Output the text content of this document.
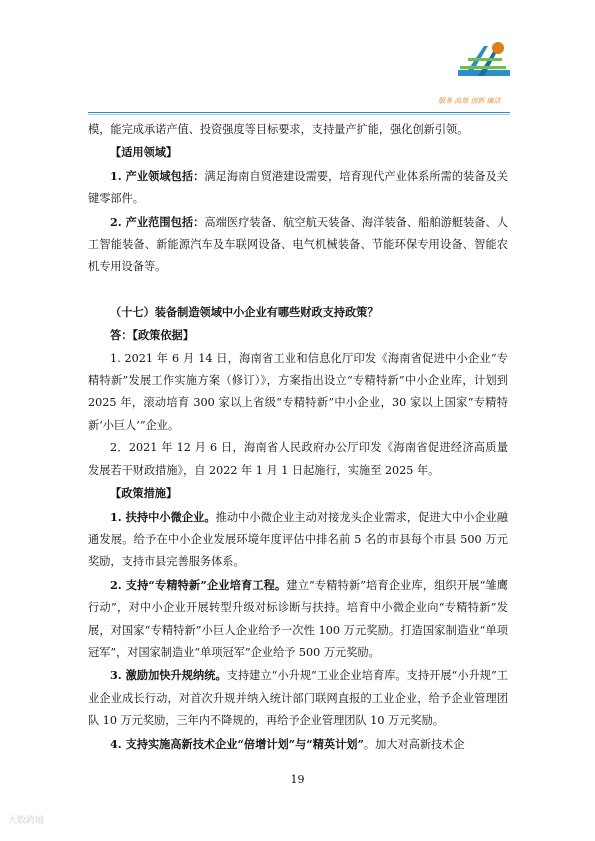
服务 高效 创新 廉洁

模，能完成承诺产值、投资强度等目标要求，支持量产扩能，强化创新引领。

【适用领域】

1. 产业领域包括：满足海南自贸港建设需要，培育现代产业体系所需的装备及关键零部件。

2. 产业范围包括：高端医疗装备、航空航天装备、海洋装备、船舶游艇装备、人工智能装备、新能源汽车及车联网设备、电气机械装备、节能环保专用设备、智能农机专用设备等。

（十七）装备制造领域中小企业有哪些财政支持政策？

答：【政策依据】

1. 2021 年 6 月 14 日，海南省工业和信息化厅印发《海南省促进中小企业“专精特新”发展工作实施方案（修订）》，方案指出设立“专精特新”中小企业库，计划到 2025 年，滚动培育 300 家以上省级“专精特新”中小企业，30 家以上国家“专精特新‘小巨人’”企业。

2．2021 年 12 月 6 日，海南省人民政府办公厅印发《海南省促进经济高质量发展若干财政措施》，自 2022 年 1 月 1 日起施行，实施至 2025 年。

【政策措施】

1. 扶持中小微企业。推动中小微企业主动对接龙头企业需求，促进大中小企业融通发展。给予在中小企业发展环境年度评估中排名前 5 名的市县每个市县 500 万元奖励，支持市县完善服务体系。

2. 支持“专精特新”企业培育工程。建立“专精特新”培育企业库，组织开展“雏鹰行动”，对中小企业开展转型升级对标诊断与扶持。培育中小微企业向“专精特新”发展，对国家“专精特新”小巨人企业给予一次性 100 万元奖励。打造国家制造业“单项冠军”，对国家制造业“单项冠军”企业给予 500 万元奖励。

3. 激励加快升规纳统。支持建立“小升规”工业企业培育库。支持开展“小升规”工业企业成长行动，对首次升规并纳入统计部门联网直报的工业企业，给予企业管理团队 10 万元奖励，三年内不降规的，再给予企业管理团队 10 万元奖励。

4. 支持实施高新技术企业“倍增计划”与“精英计划”。加大对高新技术企

19
大数跨境
